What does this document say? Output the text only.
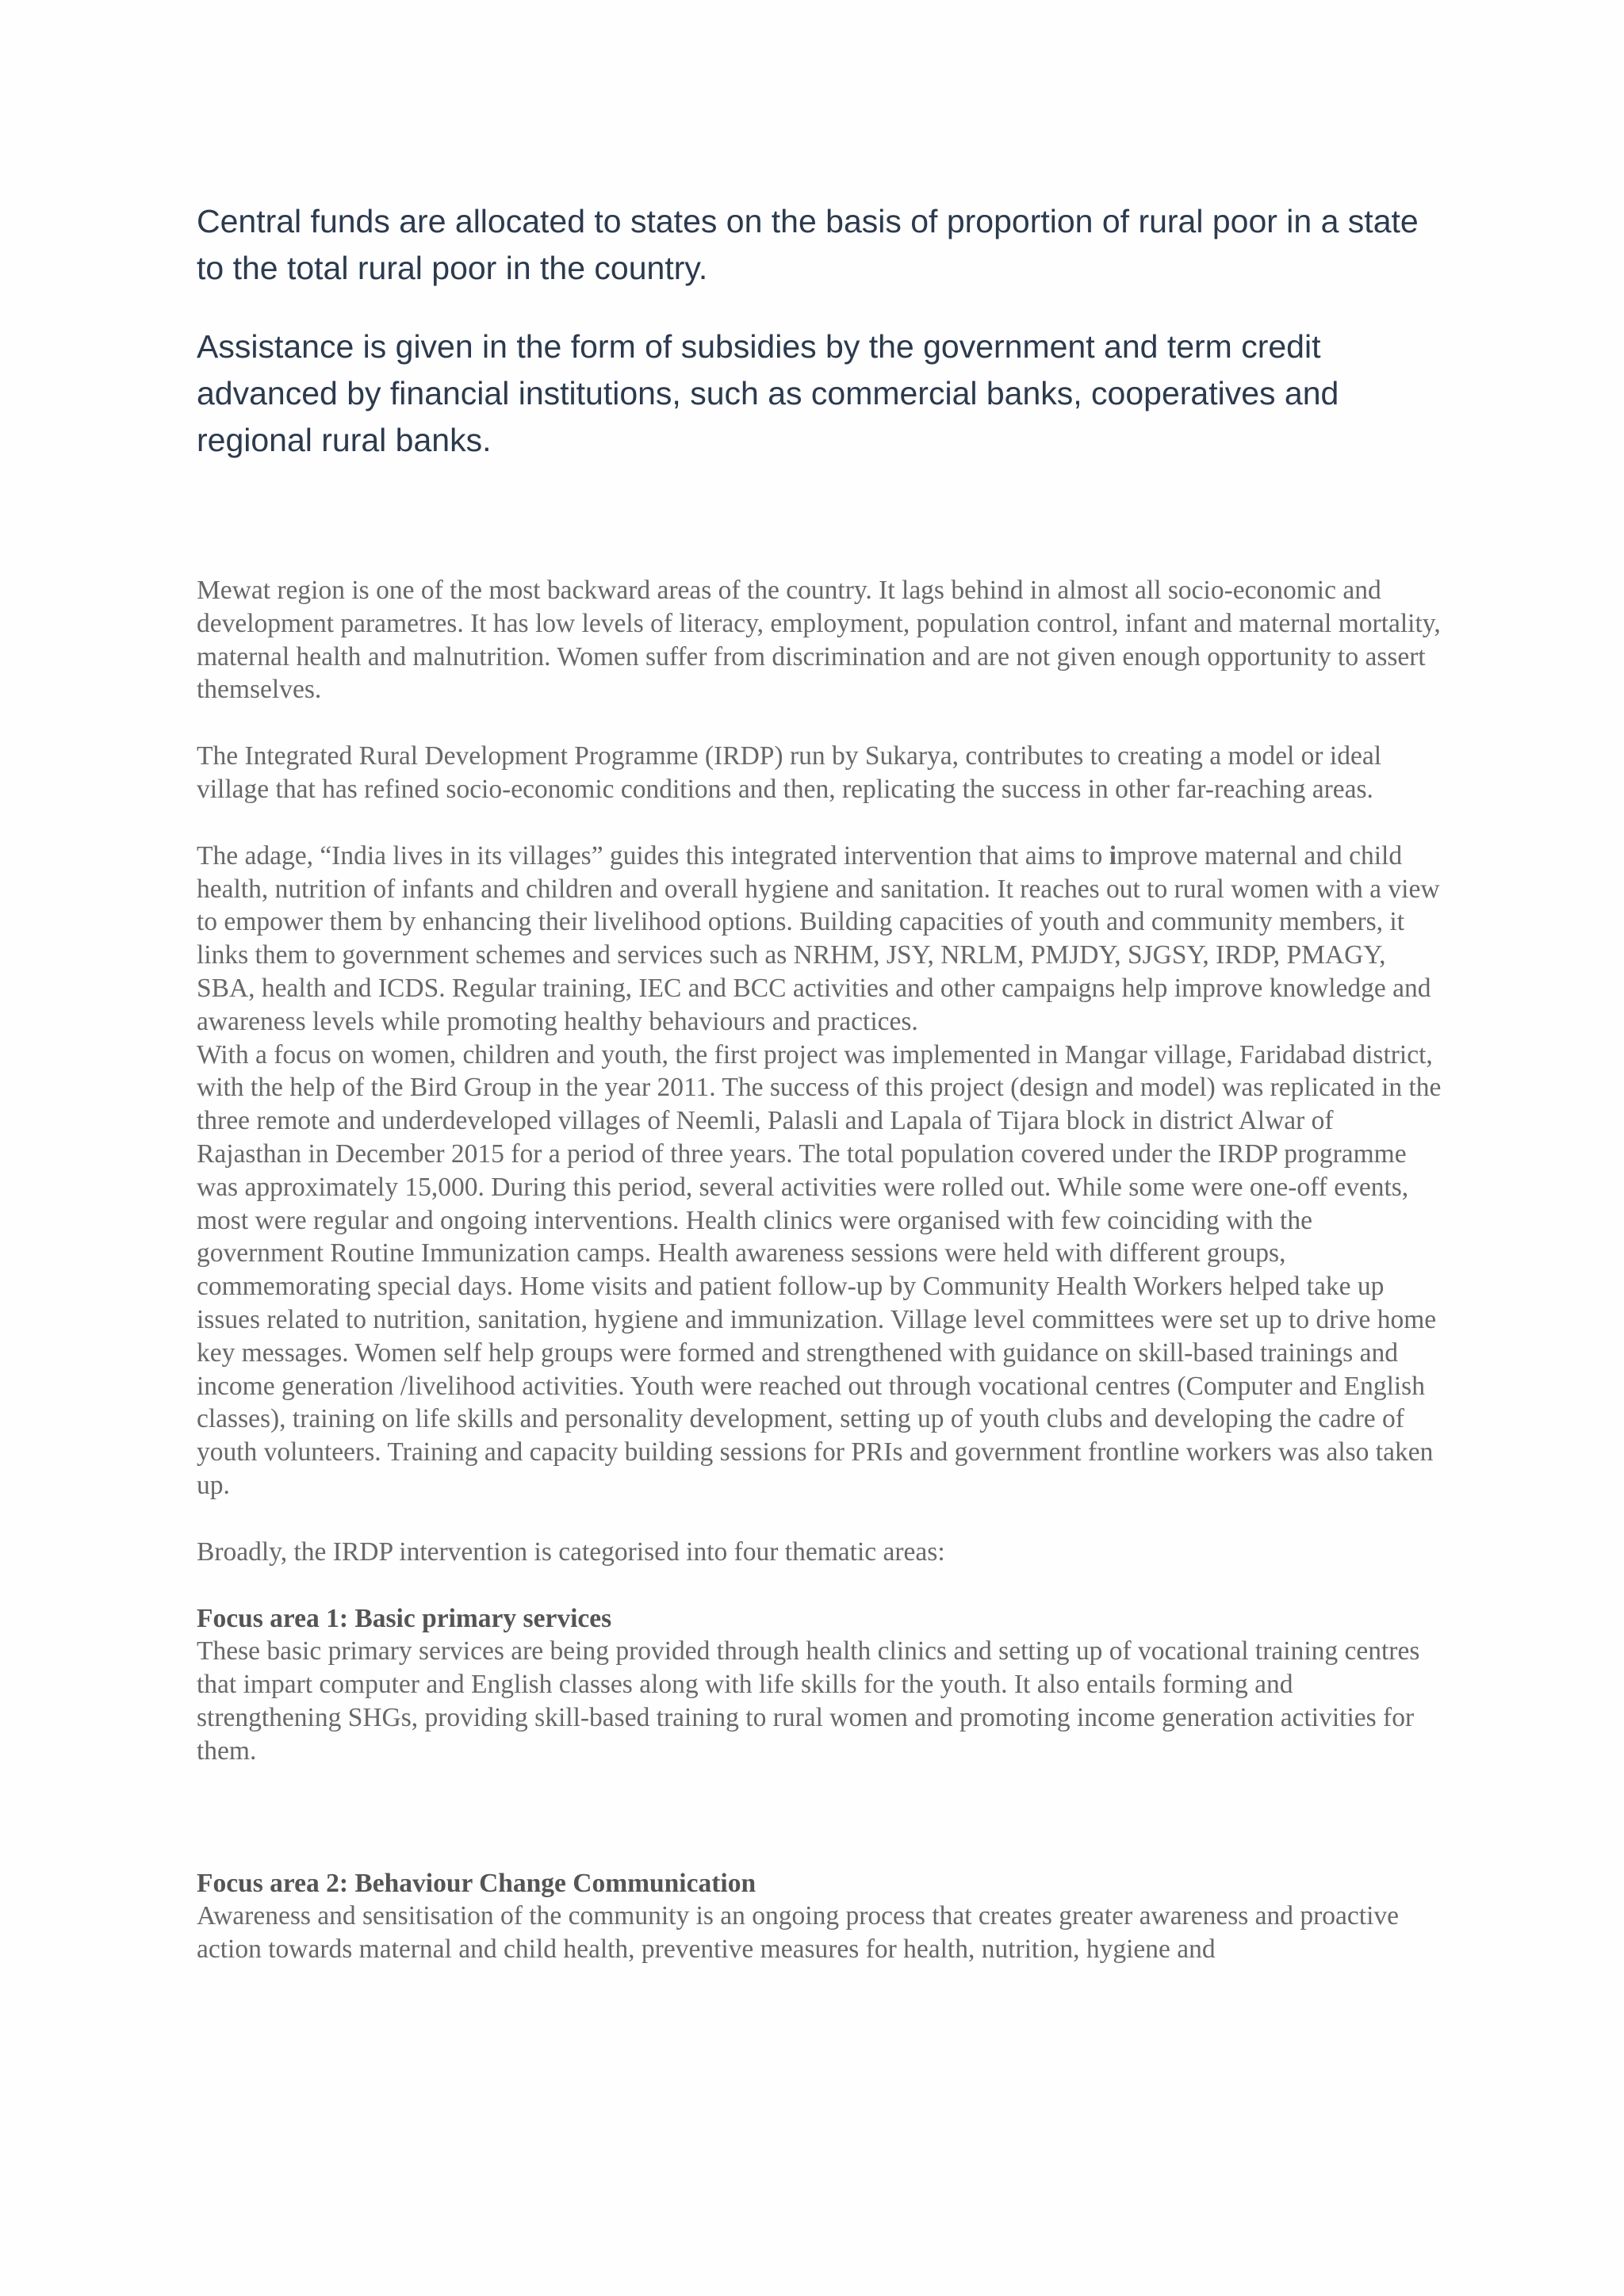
Central funds are allocated to states on the basis of proportion of rural poor in a state to the total rural poor in the country.

Assistance is given in the form of subsidies by the government and term credit advanced by financial institutions, such as commercial banks, cooperatives and regional rural banks.

Mewat region is one of the most backward areas of the country. It lags behind in almost all socio-economic and development parametres. It has low levels of literacy, employment, population control, infant and maternal mortality, maternal health and malnutrition. Women suffer from discrimination and are not given enough opportunity to assert themselves.

The Integrated Rural Development Programme (IRDP) run by Sukarya, contributes to creating a model or ideal village that has refined socio-economic conditions and then, replicating the success in other far-reaching areas.

The adage, “India lives in its villages” guides this integrated intervention that aims to improve maternal and child health, nutrition of infants and children and overall hygiene and sanitation. It reaches out to rural women with a view to empower them by enhancing their livelihood options. Building capacities of youth and community members, it links them to government schemes and services such as NRHM, JSY, NRLM, PMJDY, SJGSY, IRDP, PMAGY, SBA, health and ICDS. Regular training, IEC and BCC activities and other campaigns help improve knowledge and awareness levels while promoting healthy behaviours and practices.

With a focus on women, children and youth, the first project was implemented in Mangar village, Faridabad district, with the help of the Bird Group in the year 2011. The success of this project (design and model) was replicated in the three remote and underdeveloped villages of Neemli, Palasli and Lapala of Tijara block in district Alwar of Rajasthan in December 2015 for a period of three years. The total population covered under the IRDP programme was approximately 15,000. During this period, several activities were rolled out. While some were one-off events, most were regular and ongoing interventions. Health clinics were organised with few coinciding with the government Routine Immunization camps. Health awareness sessions were held with different groups, commemorating special days. Home visits and patient follow-up by Community Health Workers helped take up issues related to nutrition, sanitation, hygiene and immunization. Village level committees were set up to drive home key messages. Women self help groups were formed and strengthened with guidance on skill-based trainings and income generation /livelihood activities. Youth were reached out through vocational centres (Computer and English classes), training on life skills and personality development, setting up of youth clubs and developing the cadre of youth volunteers. Training and capacity building sessions for PRIs and government frontline workers was also taken up.

Broadly, the IRDP intervention is categorised into four thematic areas:

Focus area 1: Basic primary services

These basic primary services are being provided through health clinics and setting up of vocational training centres that impart computer and English classes along with life skills for the youth. It also entails forming and strengthening SHGs, providing skill-based training to rural women and promoting income generation activities for them.

Focus area 2: Behaviour Change Communication

Awareness and sensitisation of the community is an ongoing process that creates greater awareness and proactive action towards maternal and child health, preventive measures for health, nutrition, hygiene and
